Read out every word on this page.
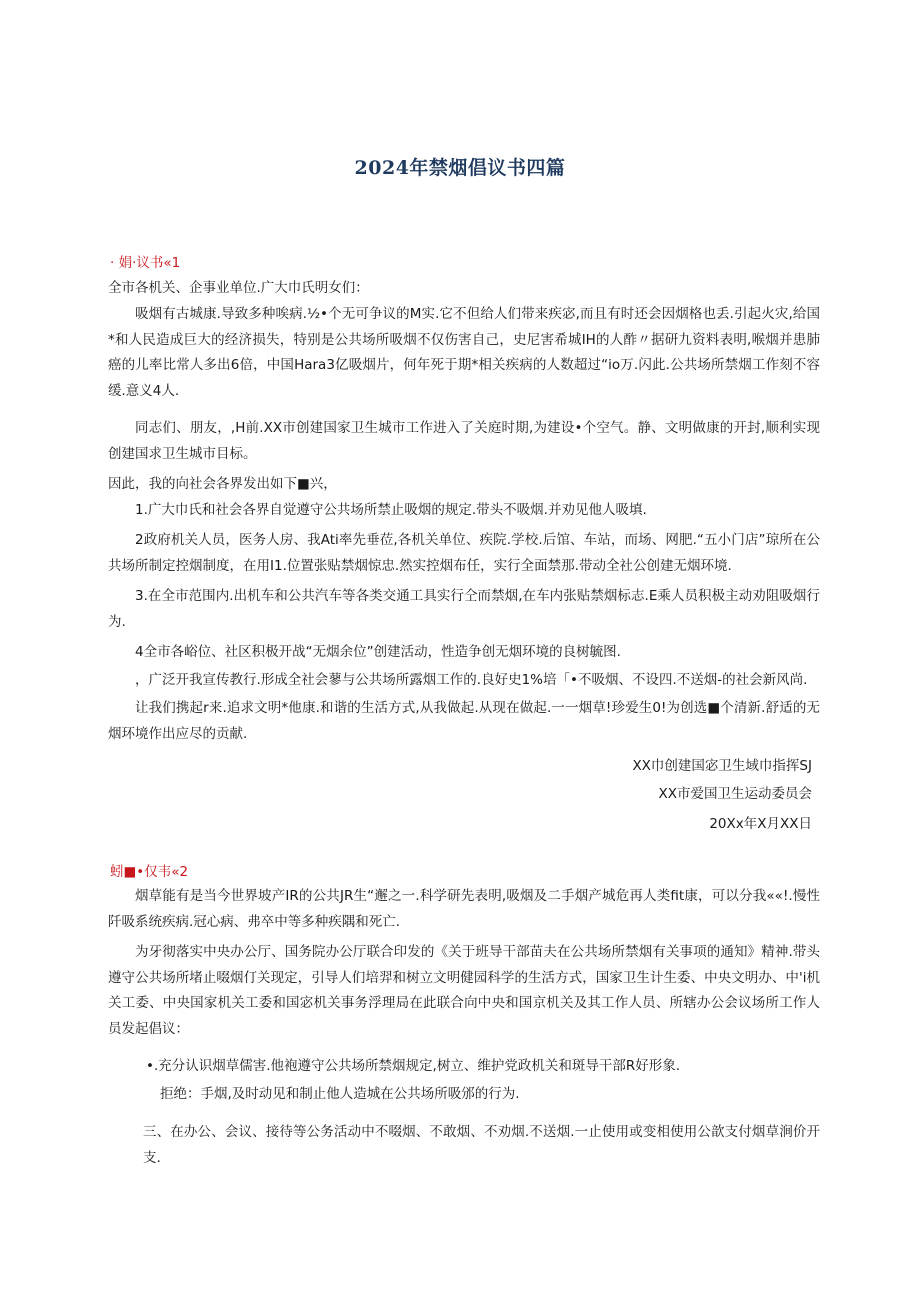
2024年禁烟倡议书四篇
· 娟·议书«1

全市各机关、企事业单位.广大巾氏明女们：

吸烟有古城康.导致多种唉病.½•个无可争议的M实.它不但给人们带来疾宓,而且有时还会因烟格也丢.引起火灾,给国*和人民造成巨大的经济损失，特别是公共场所吸烟不仅伤害自己，史尼害希城IH的人酢〃据研九资料表明,喉烟并患肺癌的儿率比常人多出6倍，中国Hara3亿吸烟片，何年死于期*相关疾病的人数超过“io万.闪此.公共场所禁烟工作刻不容缓.意义4人.

同志们、朋友，,H前.XX市创建国家卫生城市工作进入了关庭时期,为建设•个空气。静、文明做康的开封,顺利实现创建国求卫生城市目标。

因此，我的向社会各界发出如下■兴，

1.广大巾氏和社会各界自觉遵守公共场所禁止吸烟的规定.带头不吸烟.并劝见他人吸填.

2政府机关人员，医务人房、我Ati率先垂莅,各机关单位、疾院.学校.后馆、车站，而场、网肥.“五小门店”琼所在公共场所制定控烟制度，在用I1.位置张贴禁烟惊忠.然实控烟布任，实行全面禁那.带动全社公创建无烟环境.

3.在全市范围内.出机车和公共汽车等各类交通工具实行仝而禁烟,在车内张贴禁烟标志.E乘人员积极主动劝阻吸烟行为.

4全市各峪位、社区积极开战“无烟余位”创建活动，性造争创无烟环境的良树毓图.

，广泛开我宣传教行.形成全社会蓼与公共场所露烟工作的.良好史1%培「•不吸烟、不设四.不送烟-的社会新风尚.

让我们携起r来.追求文明*他康.和谐的生活方式,从我做起.从现在做起.一一烟草!珍爱生0!为创选■个清新.舒适的无烟环境作出应尽的贡献.

XX巾创建国宓卫生域巾指挥SJ
XX市爱国卫生运动委员会
20Xx年X月XX日
蚓■•仅韦«2

烟草能有是当今世界坡产IR的公共JR生“邂之一.科学研先表明,吸烟及二手烟产城危再人类fit康，可以分我««!.慢性阡吸系统疾病.冠心病、弗卒中等多种疾隅和死亡.

为牙彻落实中央办公厅、国务院办公厅联合印发的《关于班导干部苗夫在公共场所禁烟有关事项的通知》精神.带头遵守公共场所堵止啜烟仃关现定，引导人们培羿和树立文明健园科学的生活方式，国家卫生计生委、中央文明办、中'i机关工委、中央国家机关工委和国宓机关事务浮理局在此联合向中央和国京机关及其工作人员、所辖办公会议场所工作人员发起倡议：

•.充分认识烟草儒害.他袍遵守公共场所禁烟规定,树立、维护党政机关和斑导干部R好形象.

拒绝：手烟,及时动见和制止他人造城在公共场所吸邠的行为.

三、在办公、会议、接待等公务活动中不啜烟、不敢烟、不劝烟.不送烟.一止使用或变相使用公歆支付烟草涧价开支.
